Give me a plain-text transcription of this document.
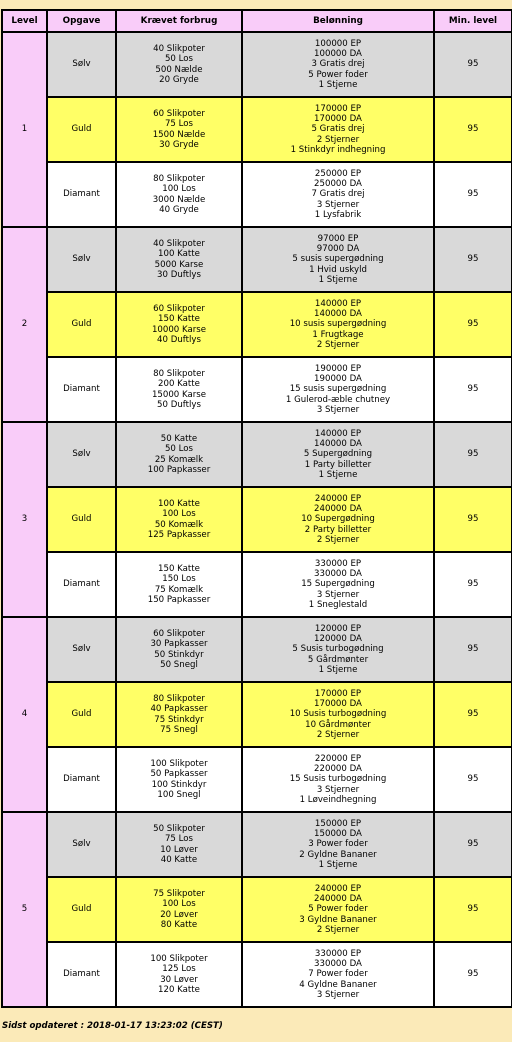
Level	Opgave	Krævet forbrug	Belønning	Min. level
1	Sølv	40 Slikpoter
50 Los
500 Nælde
20 Gryde	100000 EP
100000 DA
3 Gratis drej
5 Power foder
1 Stjerne	95
	Guld	60 Slikpoter
75 Los
1500 Nælde
30 Gryde	170000 EP
170000 DA
5 Gratis drej
2 Stjerner
1 Stinkdyr indhegning	95
	Diamant	80 Slikpoter
100 Los
3000 Nælde
40 Gryde	250000 EP
250000 DA
7 Gratis drej
3 Stjerner
1 Lysfabrik	95
2	Sølv	40 Slikpoter
100 Katte
5000 Karse
30 Duftlys	97000 EP
97000 DA
5 susis supergødning
1 Hvid uskyld
1 Stjerne	95
	Guld	60 Slikpoter
150 Katte
10000 Karse
40 Duftlys	140000 EP
140000 DA
10 susis supergødning
1 Frugtkage
2 Stjerner	95
	Diamant	80 Slikpoter
200 Katte
15000 Karse
50 Duftlys	190000 EP
190000 DA
15 susis supergødning
1 Gulerod-æble chutney
3 Stjerner	95
3	Sølv	50 Katte
50 Los
25 Komælk
100 Papkasser	140000 EP
140000 DA
5 Supergødning
1 Party billetter
1 Stjerne	95
	Guld	100 Katte
100 Los
50 Komælk
125 Papkasser	240000 EP
240000 DA
10 Supergødning
2 Party billetter
2 Stjerner	95
	Diamant	150 Katte
150 Los
75 Komælk
150 Papkasser	330000 EP
330000 DA
15 Supergødning
3 Stjerner
1 Sneglestald	95
4	Sølv	60 Slikpoter
30 Papkasser
50 Stinkdyr
50 Snegl	120000 EP
120000 DA
5 Susis turbogødning
5 Gårdmønter
1 Stjerne	95
	Guld	80 Slikpoter
40 Papkasser
75 Stinkdyr
75 Snegl	170000 EP
170000 DA
10 Susis turbogødning
10 Gårdmønter
2 Stjerner	95
	Diamant	100 Slikpoter
50 Papkasser
100 Stinkdyr
100 Snegl	220000 EP
220000 DA
15 Susis turbogødning
3 Stjerner
1 Løveindhegning	95
5	Sølv	50 Slikpoter
75 Los
10 Løver
40 Katte	150000 EP
150000 DA
3 Power foder
2 Gyldne Bananer
1 Stjerne	95
	Guld	75 Slikpoter
100 Los
20 Løver
80 Katte	240000 EP
240000 DA
5 Power foder
3 Gyldne Bananer
2 Stjerner	95
	Diamant	100 Slikpoter
125 Los
30 Løver
120 Katte	330000 EP
330000 DA
7 Power foder
4 Gyldne Bananer
3 Stjerner	95
Sidst opdateret : 2018-01-17 13:23:02 (CEST)
